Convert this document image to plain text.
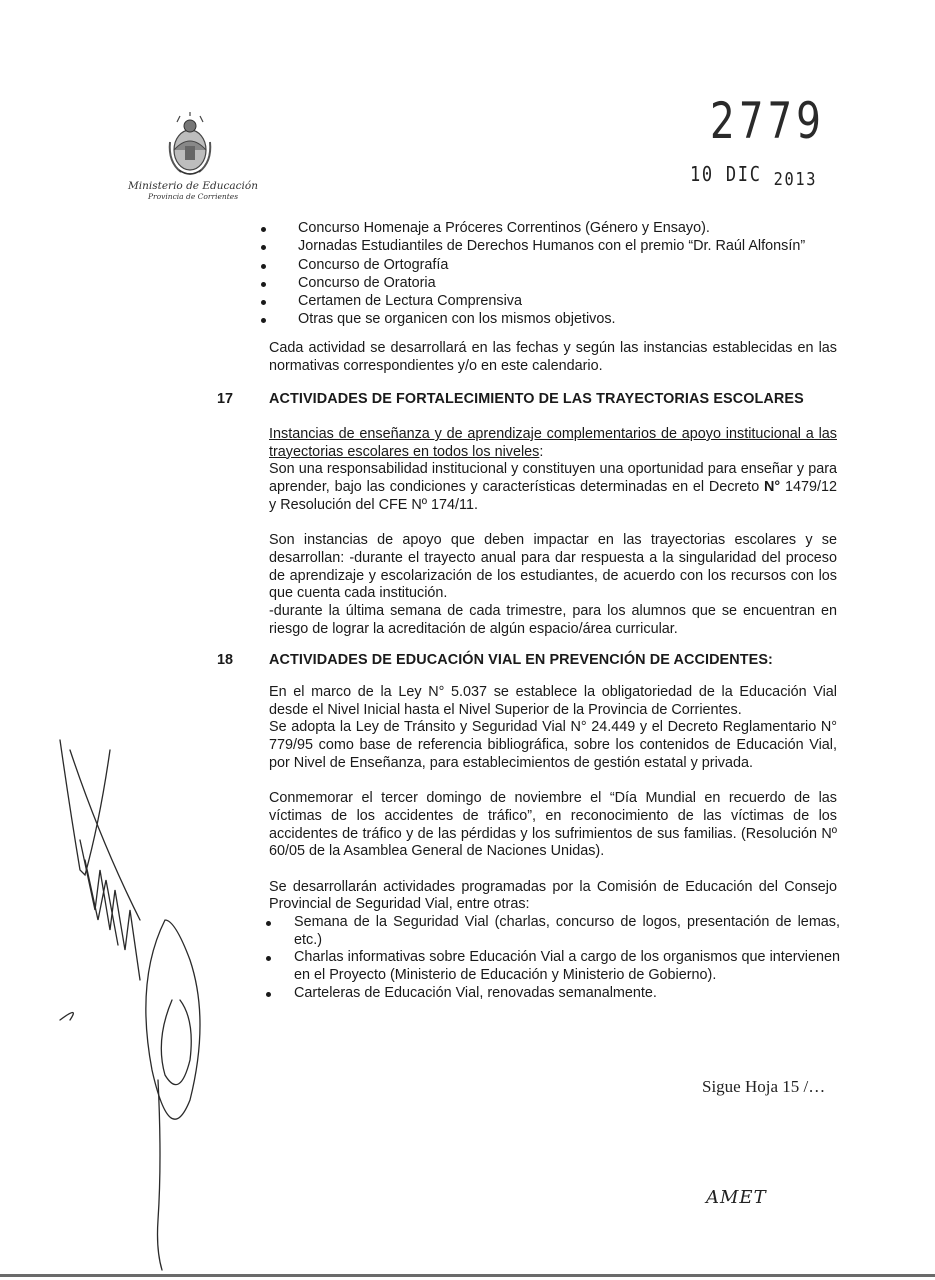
2779
10 DIC 2013
Ministerio de Educación
Provincia de Corrientes
Concurso Homenaje a Próceres Correntinos (Género y Ensayo).
Jornadas Estudiantiles de Derechos Humanos con el premio “Dr. Raúl Alfonsín”
Concurso de Ortografía
Concurso de Oratoria
Certamen de Lectura Comprensiva
Otras que se organicen con los mismos objetivos.
Cada actividad se desarrollará en las fechas y según las instancias establecidas en las normativas correspondientes y/o en este calendario.
17 ACTIVIDADES DE FORTALECIMIENTO DE LAS TRAYECTORIAS ESCOLARES
Instancias de enseñanza y de aprendizaje complementarios de apoyo institucional a las trayectorias escolares en todos los niveles:
Son una responsabilidad institucional y constituyen una oportunidad para enseñar y para aprender, bajo las condiciones y características determinadas en el Decreto N° 1479/12 y Resolución del CFE Nº 174/11.
Son instancias de apoyo que deben impactar en las trayectorias escolares y se desarrollan: -durante el trayecto anual para dar respuesta a la singularidad del proceso de aprendizaje y escolarización de los estudiantes, de acuerdo con los recursos con los que cuenta cada institución.
-durante la última semana de cada trimestre, para los alumnos que se encuentran en riesgo de lograr la acreditación de algún espacio/área curricular.
18 ACTIVIDADES DE EDUCACIÓN VIAL EN PREVENCIÓN DE ACCIDENTES:
En el marco de la Ley N° 5.037 se establece la obligatoriedad de la Educación Vial desde el Nivel Inicial hasta el Nivel Superior de la Provincia de Corrientes.
Se adopta la Ley de Tránsito y Seguridad Vial N° 24.449 y el Decreto Reglamentario N° 779/95 como base de referencia bibliográfica, sobre los contenidos de Educación Vial, por Nivel de Enseñanza, para establecimientos de gestión estatal y privada.
Conmemorar el tercer domingo de noviembre el “Día Mundial en recuerdo de las víctimas de los accidentes de tráfico”, en reconocimiento de las víctimas de los accidentes de tráfico y de las pérdidas y los sufrimientos de sus familias. (Resolución Nº 60/05 de la Asamblea General de Naciones Unidas).
Se desarrollarán actividades programadas por la Comisión de Educación del Consejo Provincial de Seguridad Vial, entre otras:
Semana de la Seguridad Vial (charlas, concurso de logos, presentación de lemas, etc.)
Charlas informativas sobre Educación Vial a cargo de los organismos que intervienen en el Proyecto (Ministerio de Educación y Ministerio de Gobierno).
Carteleras de Educación Vial, renovadas semanalmente.
Sigue Hoja 15 /…
AMET
